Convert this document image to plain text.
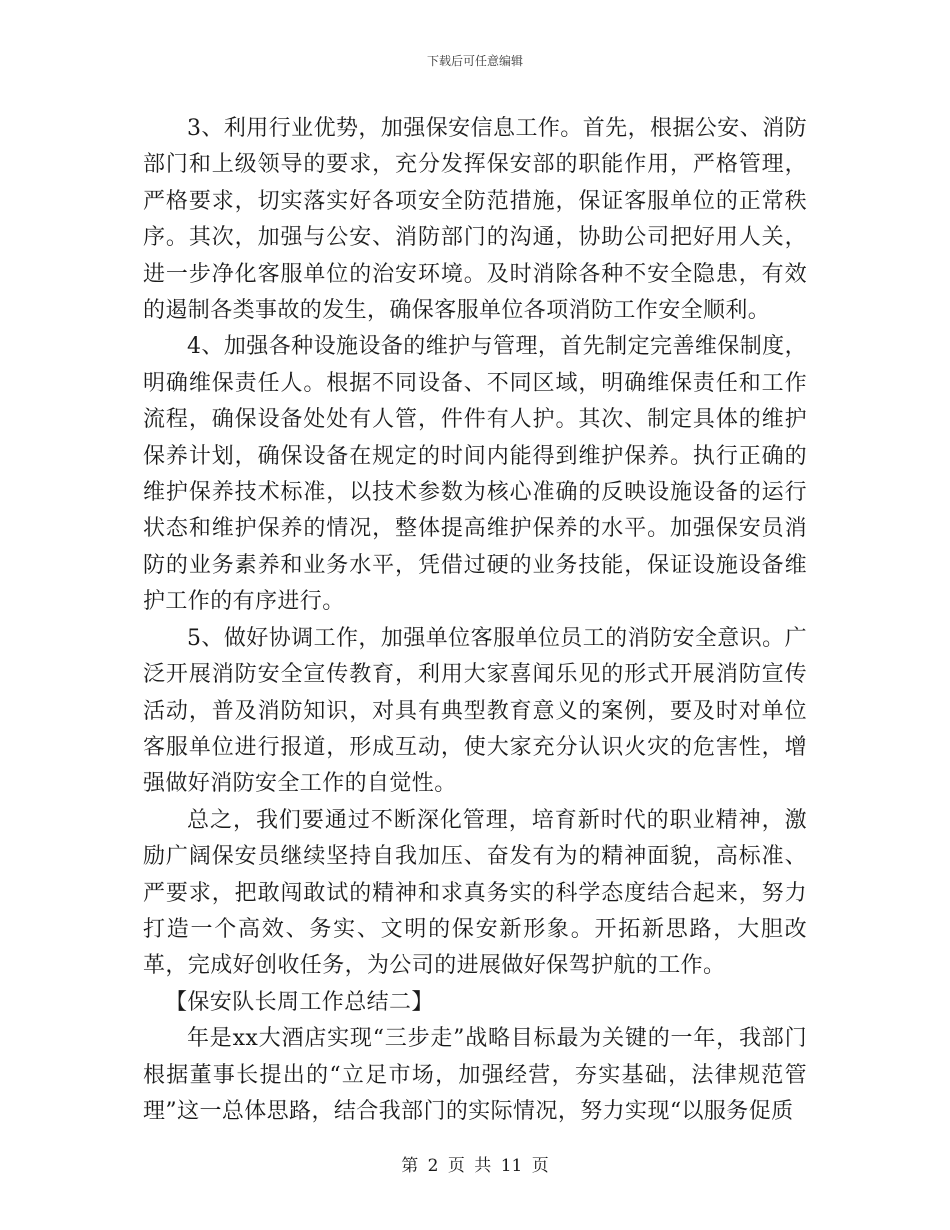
下载后可任意编辑

3、利用行业优势，加强保安信息工作。首先，根据公安、消防部门和上级领导的要求，充分发挥保安部的职能作用，严格管理，严格要求，切实落实好各项安全防范措施，保证客服单位的正常秩序。其次，加强与公安、消防部门的沟通，协助公司把好用人关，进一步净化客服单位的治安环境。及时消除各种不安全隐患，有效的遏制各类事故的发生，确保客服单位各项消防工作安全顺利。

4、加强各种设施设备的维护与管理，首先制定完善维保制度，明确维保责任人。根据不同设备、不同区域，明确维保责任和工作流程，确保设备处处有人管，件件有人护。其次、制定具体的维护保养计划，确保设备在规定的时间内能得到维护保养。执行正确的维护保养技术标准，以技术参数为核心准确的反映设施设备的运行状态和维护保养的情况，整体提高维护保养的水平。加强保安员消防的业务素养和业务水平，凭借过硬的业务技能，保证设施设备维护工作的有序进行。

5、做好协调工作，加强单位客服单位员工的消防安全意识。广泛开展消防安全宣传教育，利用大家喜闻乐见的形式开展消防宣传活动，普及消防知识，对具有典型教育意义的案例，要及时对单位客服单位进行报道，形成互动，使大家充分认识火灾的危害性，增强做好消防安全工作的自觉性。

总之，我们要通过不断深化管理，培育新时代的职业精神，激励广阔保安员继续坚持自我加压、奋发有为的精神面貌，高标准、严要求，把敢闯敢试的精神和求真务实的科学态度结合起来，努力打造一个高效、务实、文明的保安新形象。开拓新思路，大胆改革，完成好创收任务，为公司的进展做好保驾护航的工作。

【保安队长周工作总结二】

年是xx大酒店实现“三步走”战略目标最为关键的一年，我部门根据董事长提出的“立足市场，加强经营，夯实基础，法律规范管理”这一总体思路，结合我部门的实际情况，努力实现“以服务促质

第 2 页 共 11 页
